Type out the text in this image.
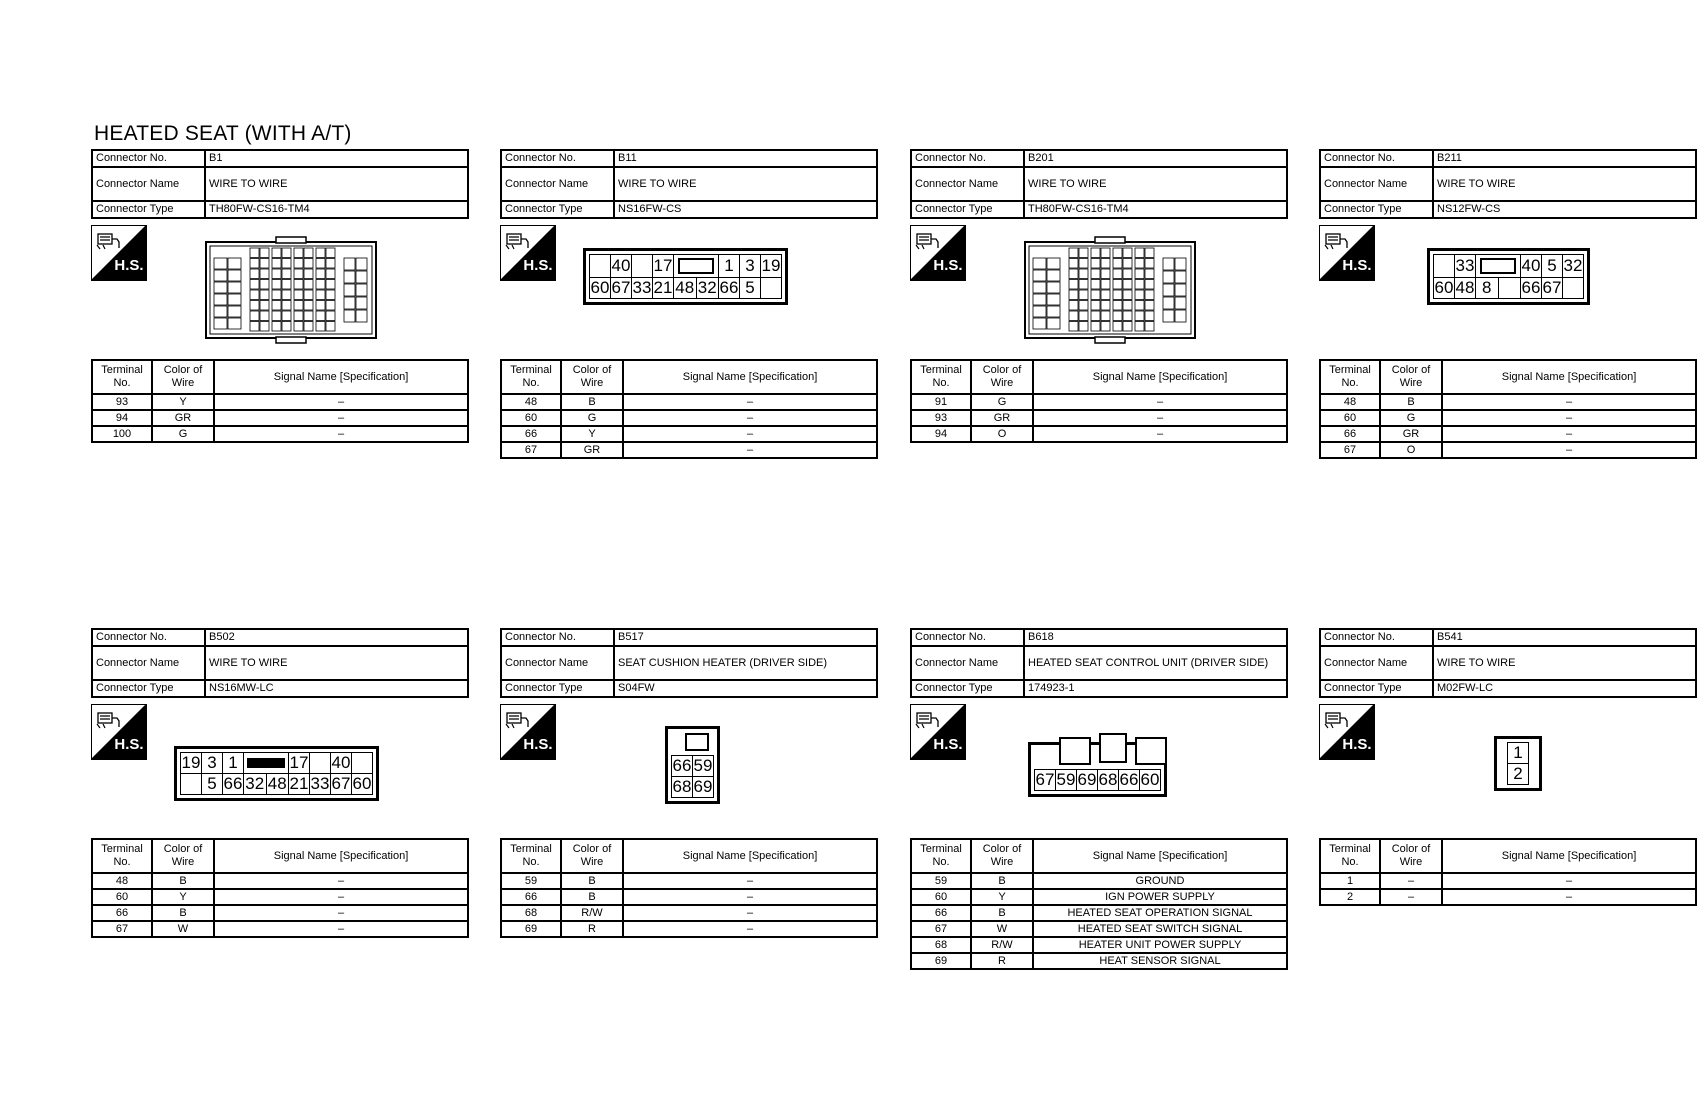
HEATED SEAT (WITH A/T)
Connector No.	B1
Connector Name	WIRE TO WIRE
Connector Type	TH80FW-CS16-TM4
H.S.
Terminal No.	Color of Wire	Signal Name [Specification]
93	Y	–
94	GR	–
100	G	–
Connector No.	B11
Connector Name	WIRE TO WIRE
Connector Type	NS16FW-CS
H.S.
		40		17			1	3	19
60	67	33	21	48	32	66	5	
Terminal No.	Color of Wire	Signal Name [Specification]
48	B	–
60	G	–
66	Y	–
67	GR	–
Connector No.	B201
Connector Name	WIRE TO WIRE
Connector Type	TH80FW-CS16-TM4
H.S.
Terminal No.	Color of Wire	Signal Name [Specification]
91	G	–
93	GR	–
94	O	–
Connector No.	B211
Connector Name	WIRE TO WIRE
Connector Type	NS12FW-CS
H.S.
		33			40	5	32
60	48	8		66	67	
Terminal No.	Color of Wire	Signal Name [Specification]
48	B	–
60	G	–
66	GR	–
67	O	–
Connector No.	B502
Connector Name	WIRE TO WIRE
Connector Type	NS16MW-LC
H.S.
19	3	1			17		40	
	5	66	32	48	21	33	67	60
Terminal No.	Color of Wire	Signal Name [Specification]
48	B	–
60	Y	–
66	B	–
67	W	–
Connector No.	B517
Connector Name	SEAT CUSHION HEATER (DRIVER SIDE)
Connector Type	S04FW
H.S.
66	59
68	69
Terminal No.	Color of Wire	Signal Name [Specification]
59	B	–
66	B	–
68	R/W	–
69	R	–
Connector No.	B618
Connector Name	HEATED SEAT CONTROL UNIT (DRIVER SIDE)
Connector Type	174923-1
H.S.
67	59	69	68	66	60
Terminal No.	Color of Wire	Signal Name [Specification]
59	B	GROUND
60	Y	IGN POWER SUPPLY
66	B	HEATED SEAT OPERATION SIGNAL
67	W	HEATED SEAT SWITCH SIGNAL
68	R/W	HEATER UNIT POWER SUPPLY
69	R	HEAT SENSOR SIGNAL
Connector No.	B541
Connector Name	WIRE TO WIRE
Connector Type	M02FW-LC
H.S.	1
2
Terminal No.	Color of Wire	Signal Name [Specification]
1	–	–
2	–	–
